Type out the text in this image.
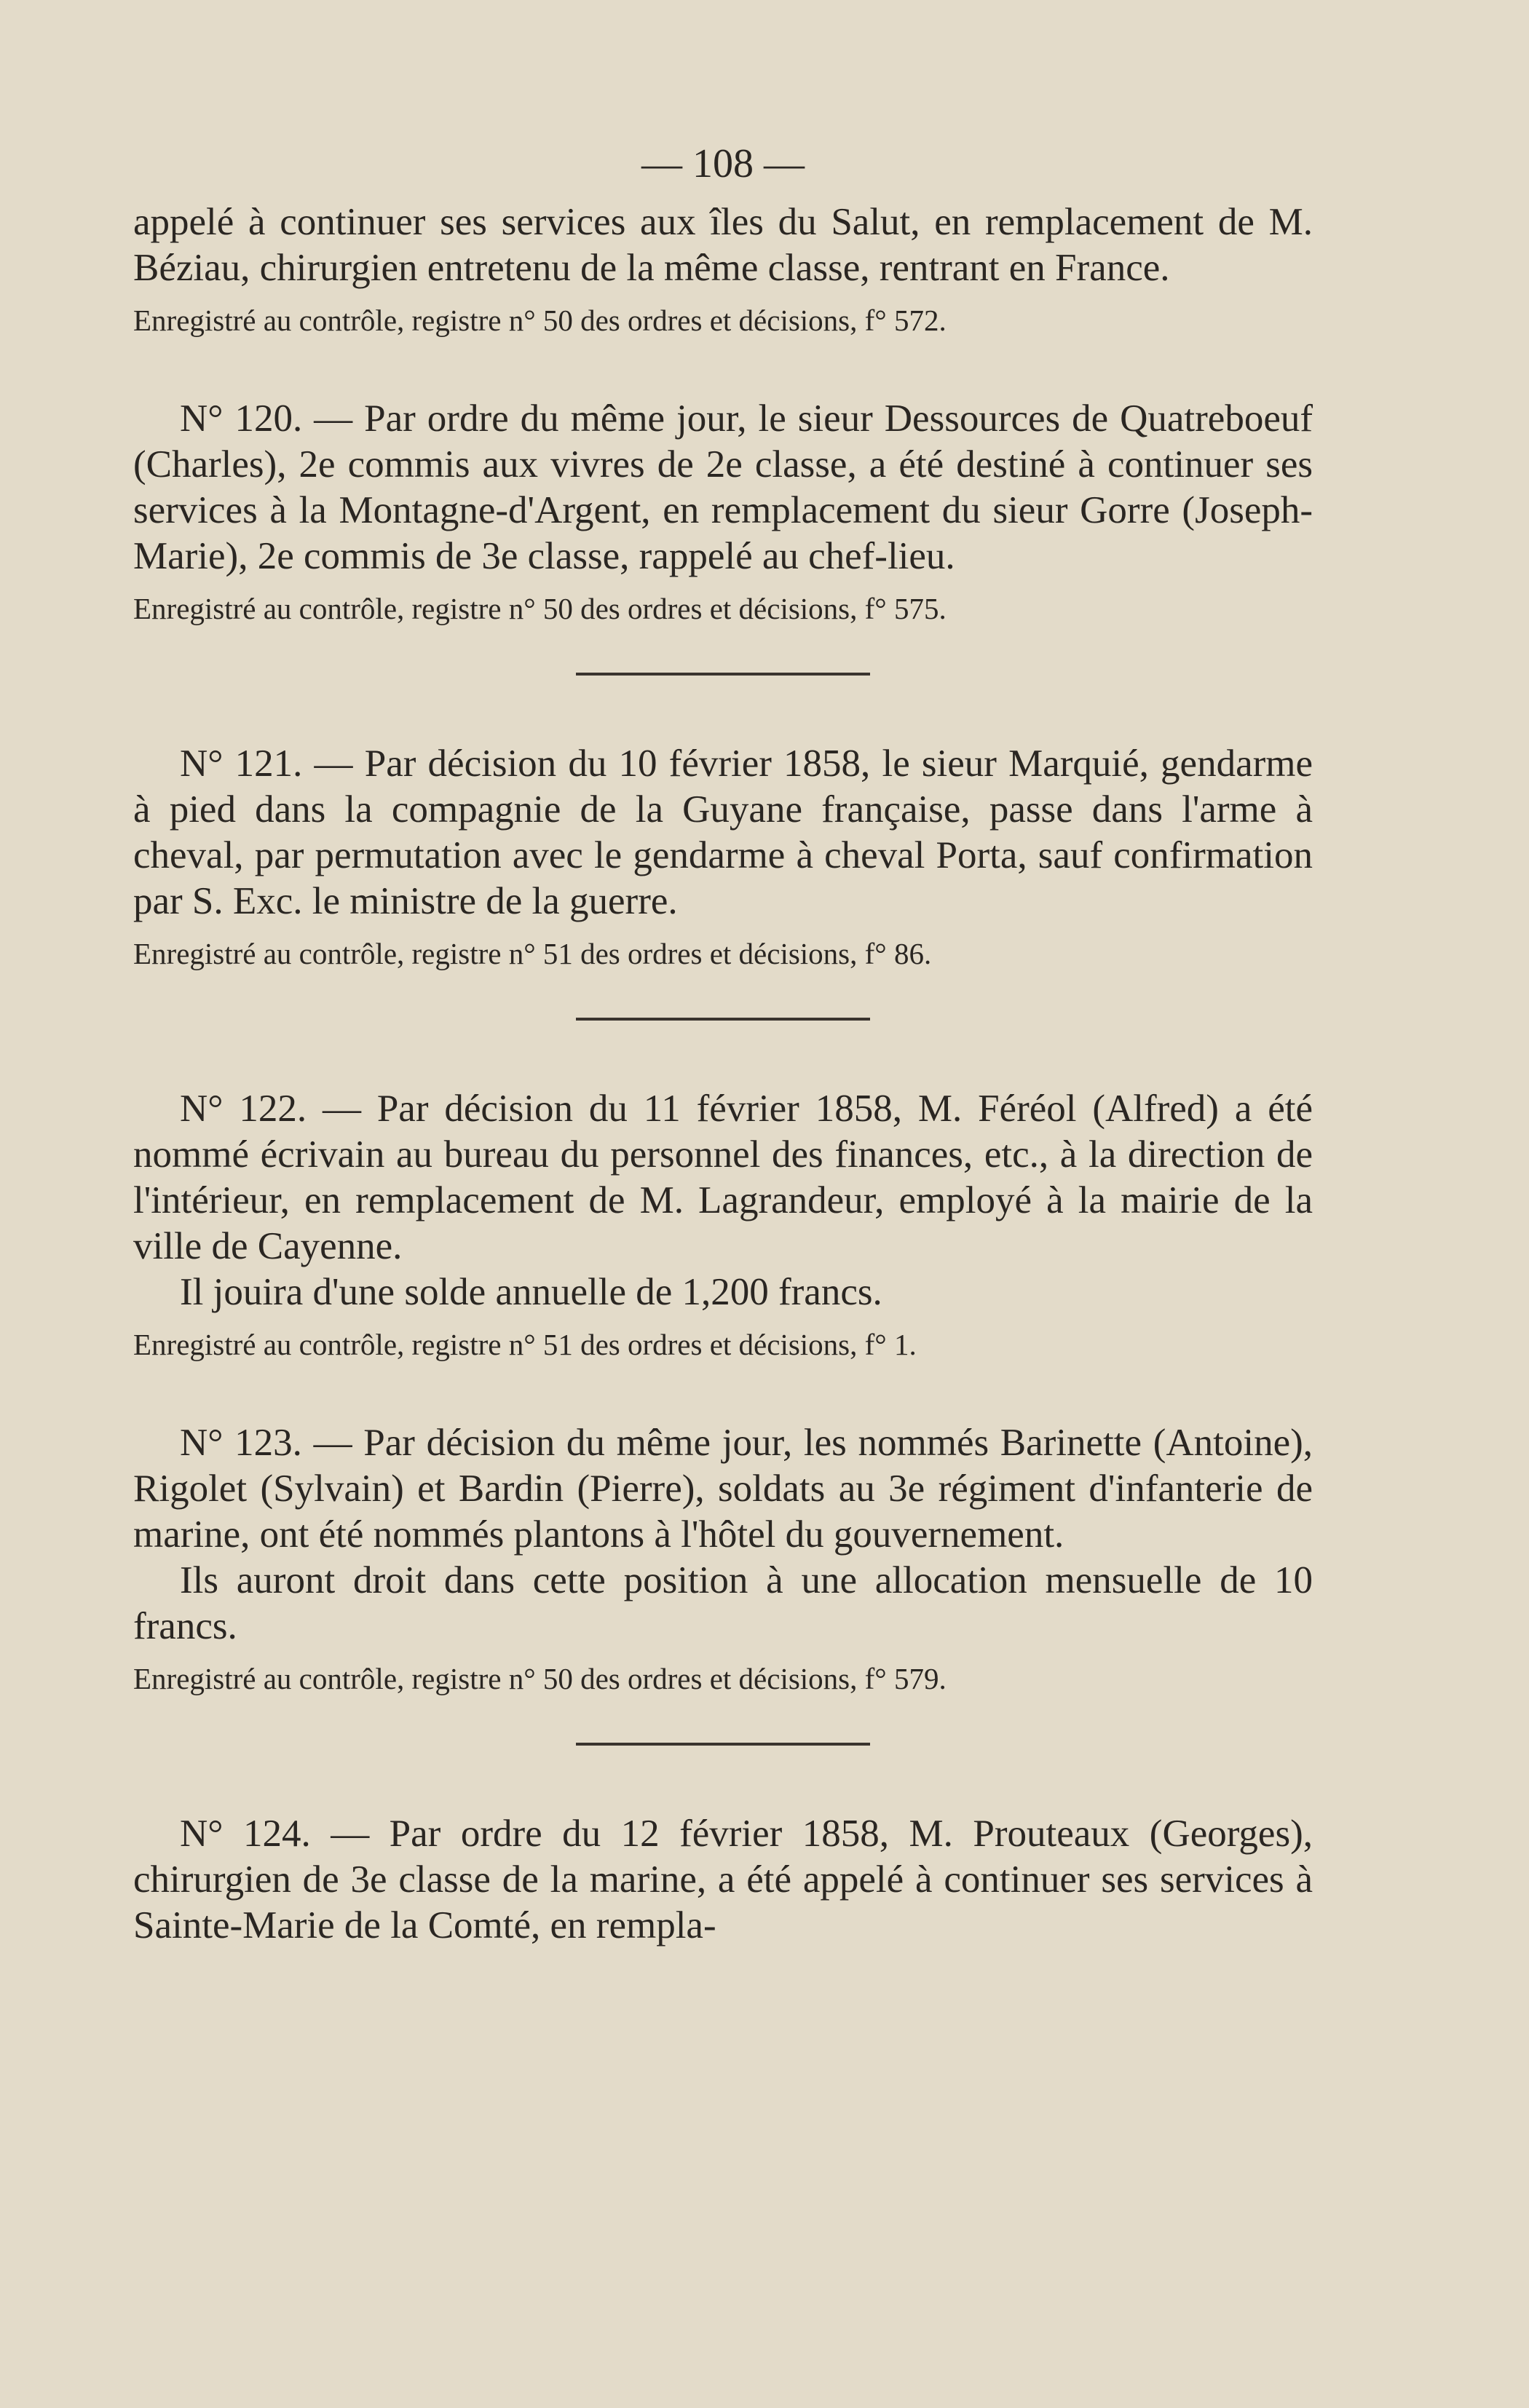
— 108 —

appelé à continuer ses services aux îles du Salut, en remplacement de M. Béziau, chirurgien entretenu de la même classe, rentrant en France.

Enregistré au contrôle, registre n° 50 des ordres et décisions, f° 572.

N° 120. — Par ordre du même jour, le sieur Dessources de Quatreboeuf (Charles), 2e commis aux vivres de 2e classe, a été destiné à continuer ses services à la Montagne-d'Argent, en remplacement du sieur Gorre (Joseph-Marie), 2e commis de 3e classe, rappelé au chef-lieu.

Enregistré au contrôle, registre n° 50 des ordres et décisions, f° 575.

N° 121. — Par décision du 10 février 1858, le sieur Marquié, gendarme à pied dans la compagnie de la Guyane française, passe dans l'arme à cheval, par permutation avec le gendarme à cheval Porta, sauf confirmation par S. Exc. le ministre de la guerre.

Enregistré au contrôle, registre n° 51 des ordres et décisions, f° 86.

N° 122. — Par décision du 11 février 1858, M. Féréol (Alfred) a été nommé écrivain au bureau du personnel des finances, etc., à la direction de l'intérieur, en remplacement de M. Lagrandeur, employé à la mairie de la ville de Cayenne.

Il jouira d'une solde annuelle de 1,200 francs.

Enregistré au contrôle, registre n° 51 des ordres et décisions, f° 1.

N° 123. — Par décision du même jour, les nommés Barinette (Antoine), Rigolet (Sylvain) et Bardin (Pierre), soldats au 3e régiment d'infanterie de marine, ont été nommés plantons à l'hôtel du gouvernement.

Ils auront droit dans cette position à une allocation mensuelle de 10 francs.

Enregistré au contrôle, registre n° 50 des ordres et décisions, f° 579.

N° 124. — Par ordre du 12 février 1858, M. Prouteaux (Georges), chirurgien de 3e classe de la marine, a été appelé à continuer ses services à Sainte-Marie de la Comté, en rempla-
